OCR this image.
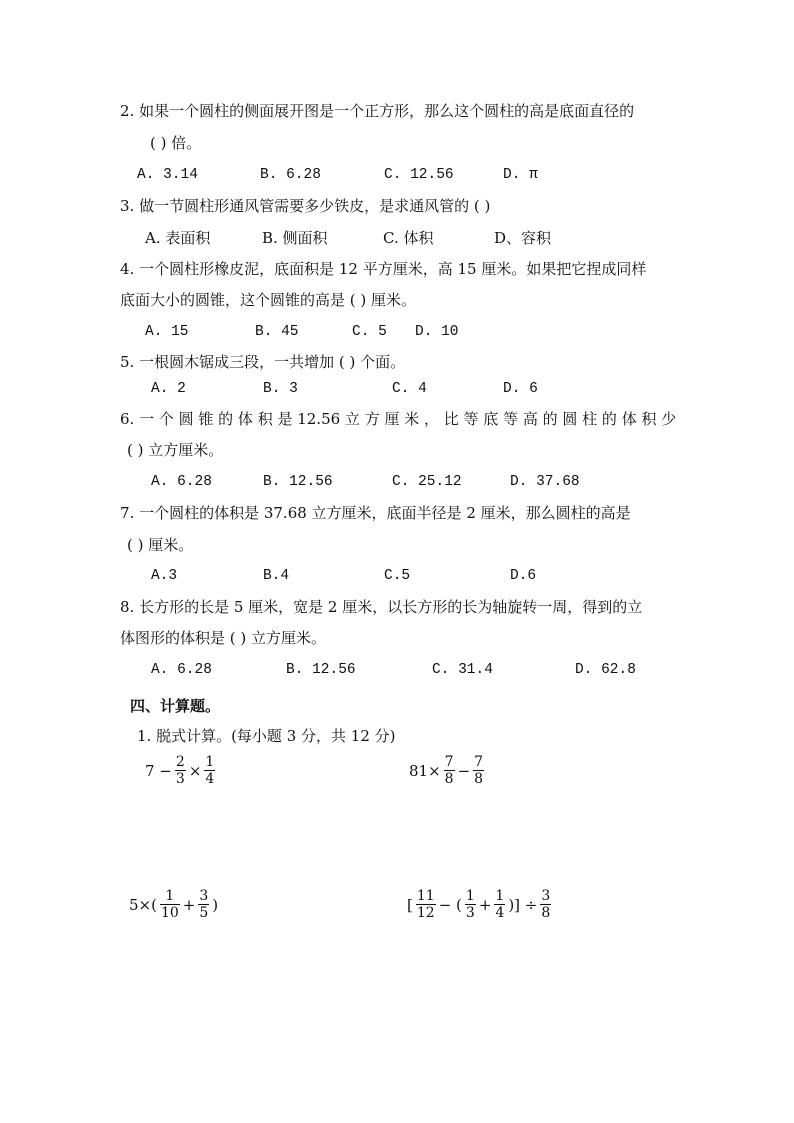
2. 如果一个圆柱的侧面展开图是一个正方形，那么这个圆柱的高是底面直径的
( ) 倍。
A. 3.14	B. 6.28	C. 12.56	D. π
3. 做一节圆柱形通风管需要多少铁皮，是求通风管的 ( )
A. 表面积	B. 侧面积	C. 体积	D、容积
4. 一个圆柱形橡皮泥，底面积是 12 平方厘米，高 15 厘米。如果把它捏成同样
底面大小的圆锥，这个圆锥的高是 ( ) 厘米。
A. 15	B. 45	C. 5 D. 10
5. 一根圆木锯成三段，一共增加 ( ) 个面。
A. 2	B. 3	C. 4	D. 6
6. 一 个 圆 锥 的 体 积 是 12.56 立 方 厘 米 ， 比 等 底 等 高 的 圆 柱 的 体 积 少
( ) 立方厘米。
A. 6.28	B. 12.56	C. 25.12	D. 37.68
7. 一个圆柱的体积是 37.68 立方厘米，底面半径是 2 厘米，那么圆柱的高是
( ) 厘米。
A.3	B.4	C.5	D.6
8. 长方形的长是 5 厘米，宽是 2 厘米，以长方形的长为轴旋转一周，得到的立
体图形的体积是 ( ) 立方厘米。
A. 6.28	B. 12.56	C. 31.4	D. 62.8
四、计算题。
1. 脱式计算。(每小题 3 分，共 12 分)
$7 - \frac{2}{3} \times \frac{1}{4}$	$81\times \frac{7}{8} - \frac{7}{8}$
$5\times( \frac{1}{10} + \frac{3}{5}$ )	[ $\frac{11}{12}$ − ( $\frac{1}{3} + \frac{1}{4}$ )] ÷ $\frac{3}{8}$
